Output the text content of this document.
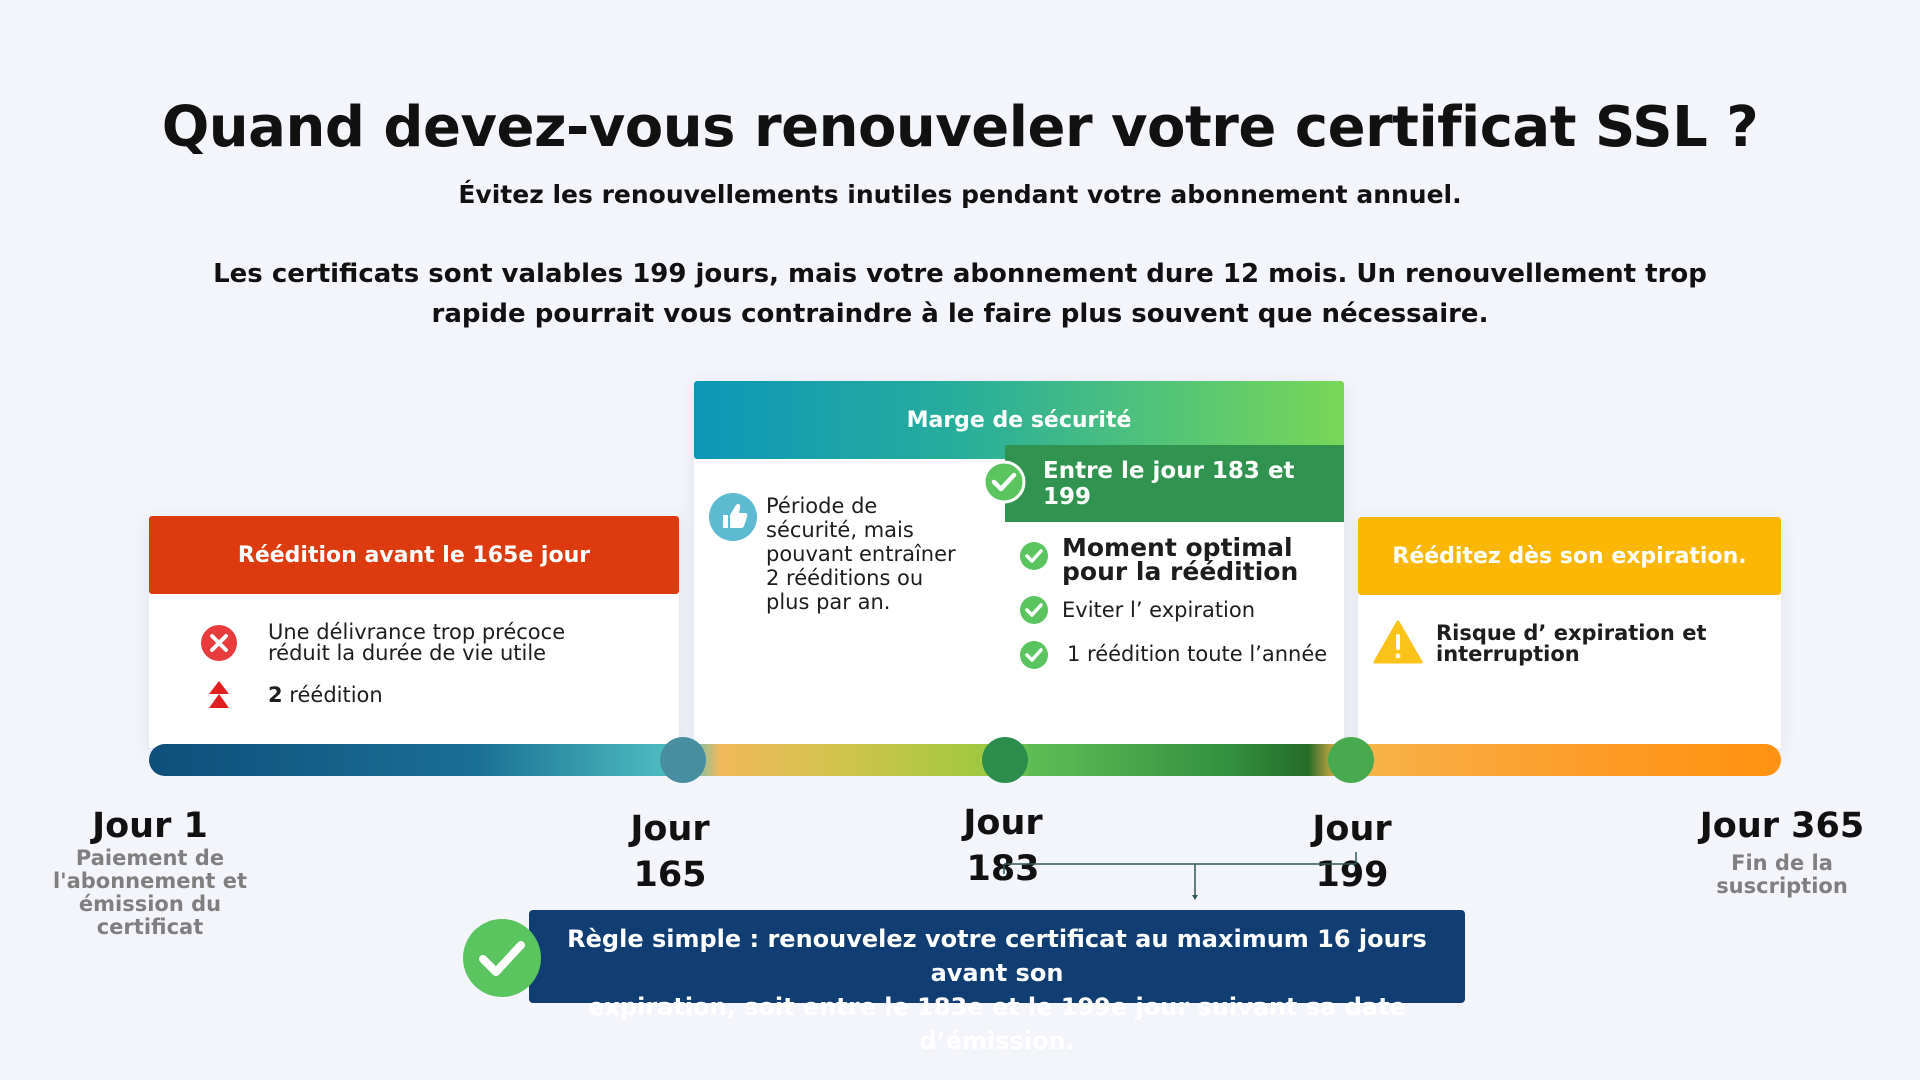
Quand devez-vous renouveler votre certificat SSL ?
Évitez les renouvellements inutiles pendant votre abonnement annuel.
Les certificats sont valables 199 jours, mais votre abonnement dure 12 mois. Un renouvellement trop rapide pourrait vous contraindre à le faire plus souvent que nécessaire.
Réédition avant le 165e jour
Marge de sécurité
Entre le jour 183 et 199
Rééditez dès son expiration.
Une délivrance trop précoce réduit la durée de vie utile
2 réédition
Période de sécurité, mais pouvant entraîner 2 rééditions ou plus par an.
Moment optimal pour la réédition
Eviter l’ expiration
1 réédition toute l’année
Risque d’ expiration et interruption
Jour 1
Paiement de l'abonnement et émission du certificat
Jour
165
Jour
183
Jour
199
Jour 365
Fin de la suscription
Règle simple : renouvelez votre certificat au maximum 16 jours avant son
expiration, soit entre le 183e et le 199e jour suivant sa date d’émission.
